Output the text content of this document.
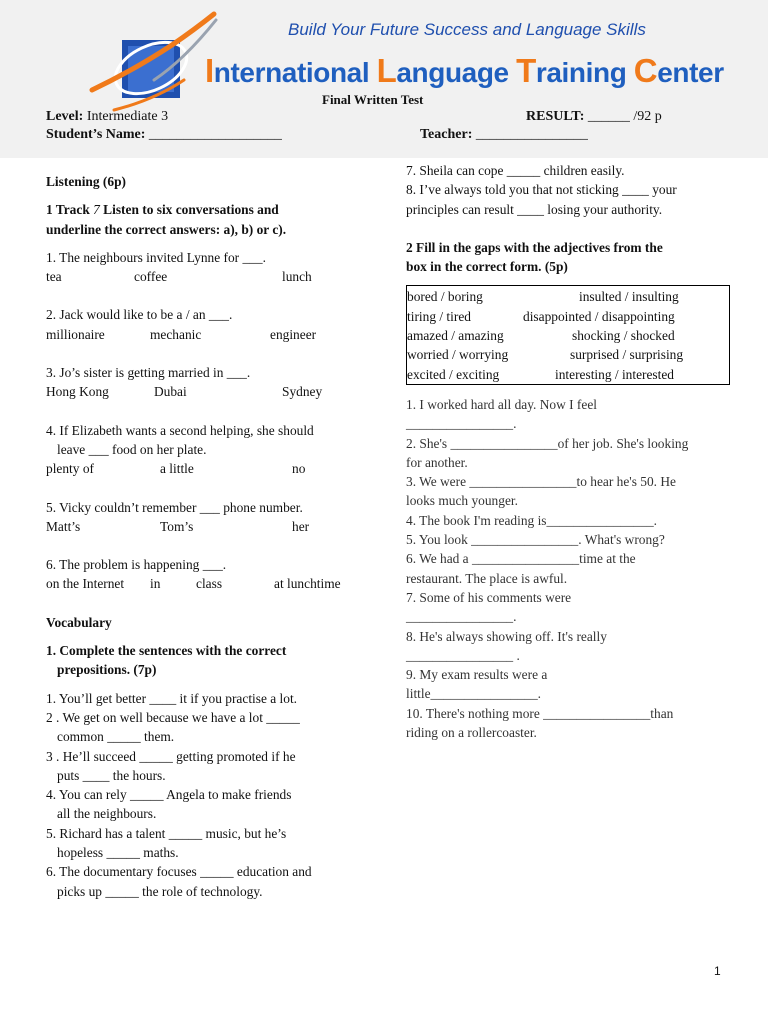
Build Your Future Success and Language Skills
International Language Training Center
Final Written Test
Level: Intermediate 3	RESULT: ______ /92 p
Student’s Name: ___________________	Teacher: ________________
Listening (6p)
1 Track 7 Listen to six conversations and
underline the correct answers: a), b) or c).
1. The neighbours invited Lynne for ___.
tea	coffee	lunch
2. Jack would like to be a / an ___.
millionaire	mechanic	engineer
3. Jo’s sister is getting married in ___.
Hong Kong	Dubai	Sydney
4. If Elizabeth wants a second helping, she should
leave ___ food on her plate.
plenty of	a little	no
5. Vicky couldn’t remember ___ phone number.
Matt’s	Tom’s	her
6. The problem is happening ___.
on the Internet	in	class	at lunchtime
Vocabulary
1. Complete the sentences with the correct
prepositions. (7p)
1. You’ll get better ____ it if you practise a lot.
2 . We get on well because we have a lot _____
common _____ them.
3 . He’ll succeed _____ getting promoted if he
puts ____ the hours.
4. You can rely _____ Angela to make friends
all the neighbours.
5. Richard has a talent _____ music, but he’s
hopeless _____ maths.
6. The documentary focuses _____ education and
picks up _____ the role of technology.
7. Sheila can cope _____ children easily.
8. I’ve always told you that not sticking ____ your
principles can result ____ losing your authority.
2 Fill in the gaps with the adjectives from the
box in the correct form. (5p)
bored / boring	insulted / insulting
tiring / tired	disappointed / disappointing
amazed / amazing	shocking / shocked
worried / worrying	surprised / surprising
excited / exciting	interesting / interested
1. I worked hard all day. Now I feel
________________.
2. She's ________________of her job. She's looking
for another.
3. We were ________________to hear he's 50. He
looks much younger.
4. The book I'm reading is________________.
5. You look ________________. What's wrong?
6. We had a ________________time at the
restaurant. The place is awful.
7. Some of his comments were
________________.
8. He's always showing off. It's really
________________ .
9. My exam results were a
little________________.
10. There's nothing more ________________than
riding on a rollercoaster.
1
